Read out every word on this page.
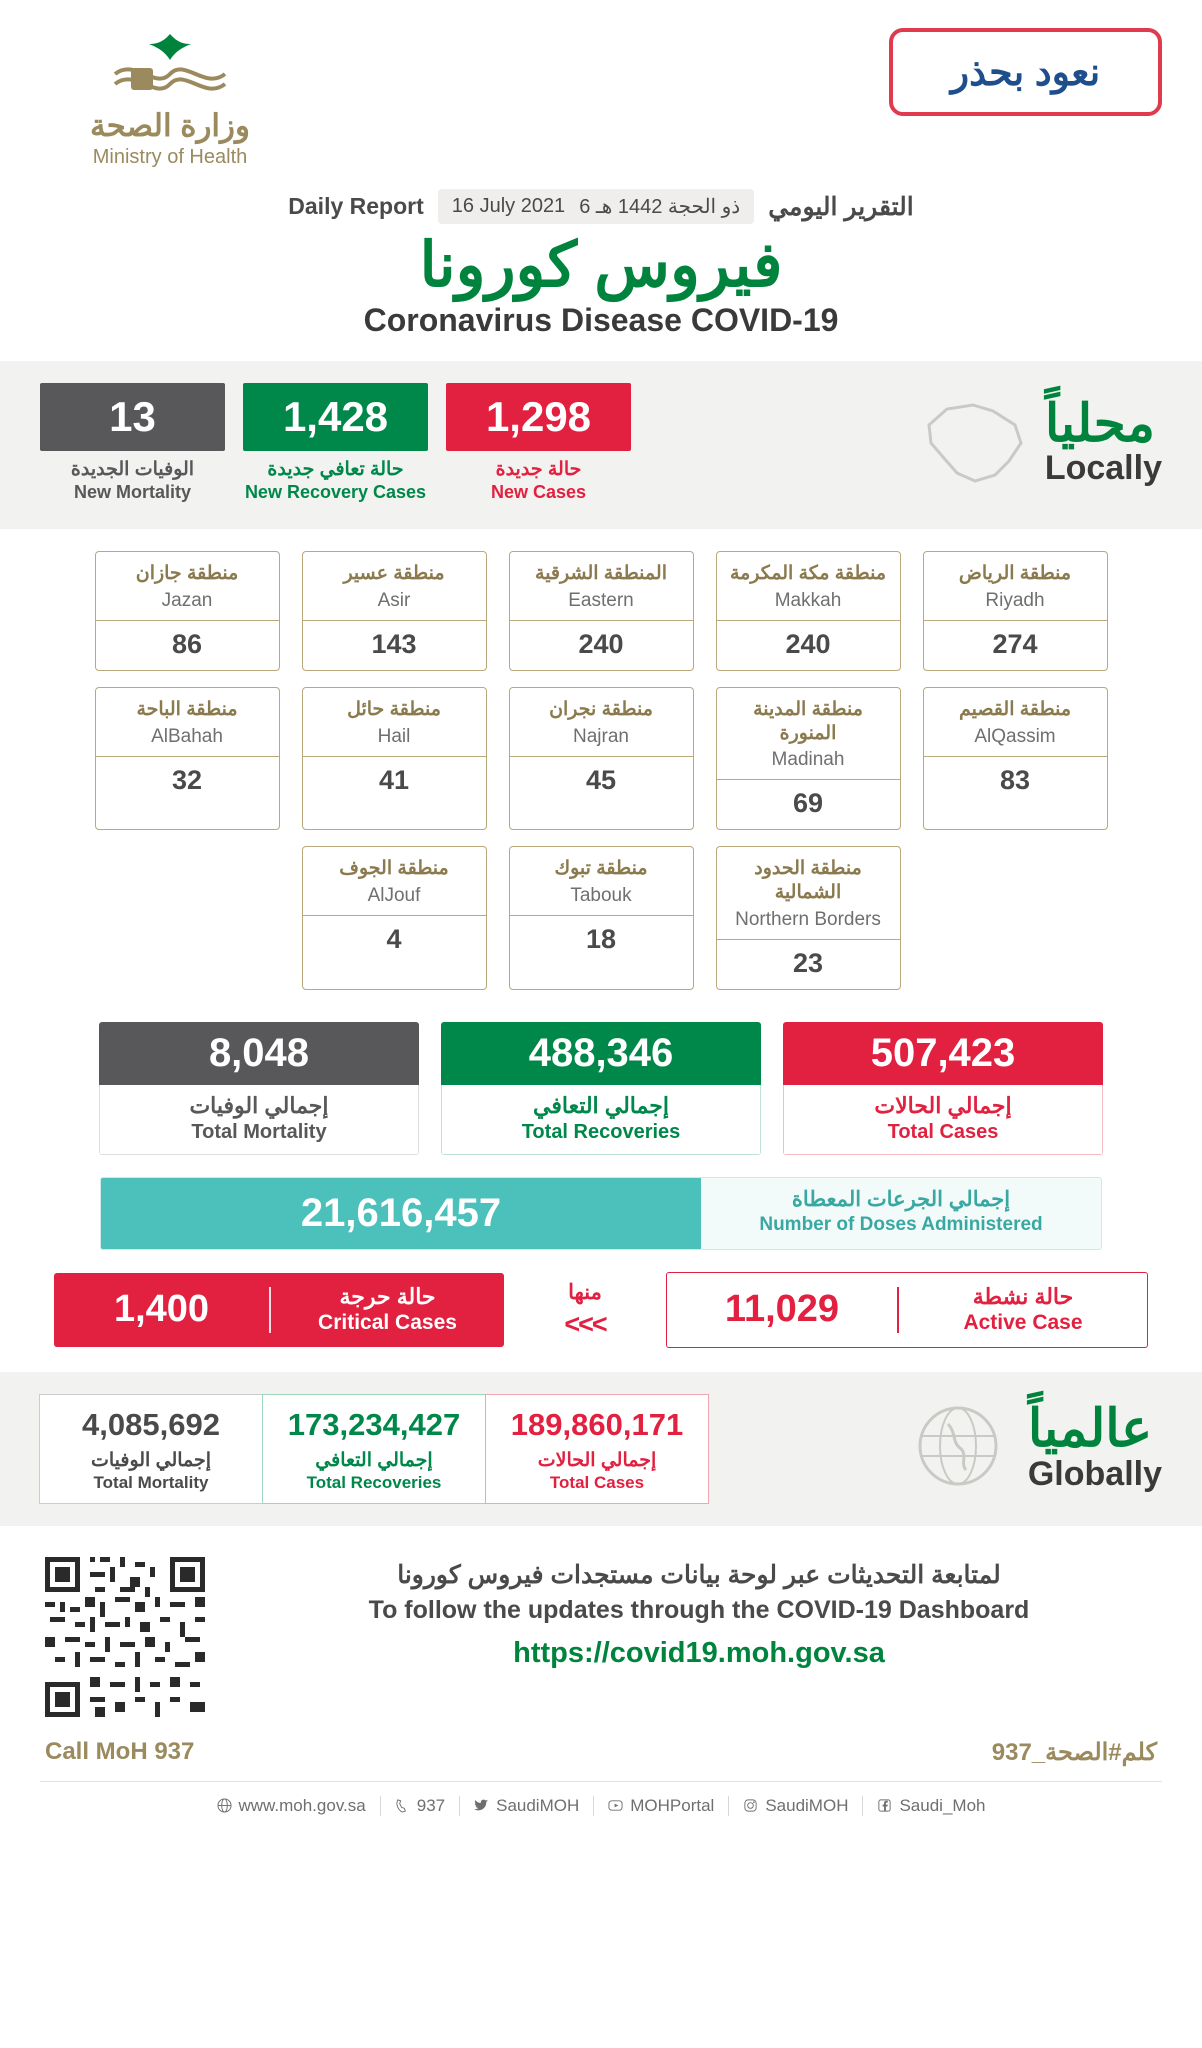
وزارة الصحة
Ministry of Health
نعود بحذر
Daily Report 16 July 2021 6 ذو الحجة 1442 هـ التقرير اليومي
فيروس كورونا
Coronavirus Disease COVID-19
13
الوفيات الجديدة
New Mortality
1,428
حالة تعافي جديدة
New Recovery Cases
1,298
حالة جديدة
New Cases
محلياً
Locally
منطقة جازان
Jazan
86
منطقة عسير
Asir
143
المنطقة الشرقية
Eastern
240
منطقة مكة المكرمة
Makkah
240
منطقة الرياض
Riyadh
274
منطقة الباحة
AlBahah
32
منطقة حائل
Hail
41
منطقة نجران
Najran
45
منطقة المدينة المنورة
Madinah
69
منطقة القصيم
AlQassim
83
منطقة الجوف
AlJouf
4
منطقة تبوك
Tabouk
18
منطقة الحدود الشمالية
Northern Borders
23
8,048
إجمالي الوفيات
Total Mortality
488,346
إجمالي التعافي
Total Recoveries
507,423
إجمالي الحالات
Total Cases
21,616,457	إجمالي الجرعات المعطاة
Number of Doses Administered
1,400	حالة حرجة
Critical Cases
منها
<<<	11,029	حالة نشطة
Active Case
4,085,692
إجمالي الوفيات
Total Mortality
173,234,427
إجمالي التعافي
Total Recoveries
189,860,171
إجمالي الحالات
Total Cases
عالمياً
Globally
لمتابعة التحديثات عبر لوحة بيانات مستجدات فيروس كورونا
To follow the updates through the COVID-19 Dashboard
https://covid19.moh.gov.sa
Call MoH 937	كلم#الصحة_937
www.moh.gov.sa	937	SaudiMOH	MOHPortal	SaudiMOH	Saudi_Moh
